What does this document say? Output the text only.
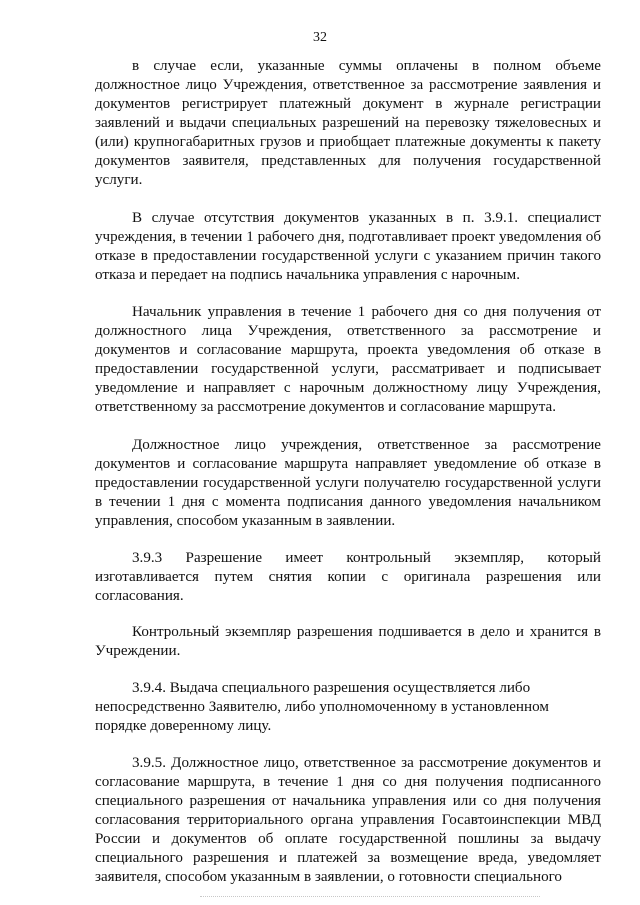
32

в случае если, указанные суммы оплачены в полном объеме должностное лицо Учреждения, ответственное за рассмотрение заявления и документов регистрирует платежный документ в журнале регистрации заявлений и выдачи специальных разрешений на перевозку тяжеловесных и (или) крупногабаритных грузов и приобщает платежные документы к пакету документов заявителя, представленных для получения государственной услуги.

В случае отсутствия документов указанных в п. 3.9.1. специалист учреждения, в течении 1 рабочего дня, подготавливает проект уведомления об отказе в предоставлении государственной услуги с указанием причин такого отказа и передает на подпись начальника управления с нарочным.

Начальник управления в течение 1 рабочего дня со дня получения от должностного лица Учреждения, ответственного за рассмотрение и документов и согласование маршрута, проекта уведомления об отказе в предоставлении государственной услуги, рассматривает и подписывает уведомление и направляет с нарочным должностному лицу Учреждения, ответственному за рассмотрение документов и согласование маршрута.

Должностное лицо учреждения, ответственное за рассмотрение документов и согласование маршрута направляет уведомление об отказе в предоставлении государственной услуги получателю государственной услуги в течении 1 дня с момента подписания данного уведомления начальником управления, способом указанным в заявлении.

3.9.3 Разрешение имеет контрольный экземпляр, который изготавливается путем снятия копии с оригинала разрешения или согласования.

Контрольный экземпляр разрешения подшивается в дело и хранится в Учреждении.

3.9.4. Выдача специального разрешения осуществляется либо непосредственно Заявителю, либо уполномоченному в установленном порядке доверенному лицу.

3.9.5. Должностное лицо, ответственное за рассмотрение документов и согласование маршрута, в течение 1 дня со дня получения подписанного специального разрешения от начальника управления или со дня получения согласования территориального органа управления Госавтоинспекции МВД России и документов об оплате государственной пошлины за выдачу специального разрешения и платежей за возмещение вреда, уведомляет заявителя, способом указанным в заявлении, о готовности специального
